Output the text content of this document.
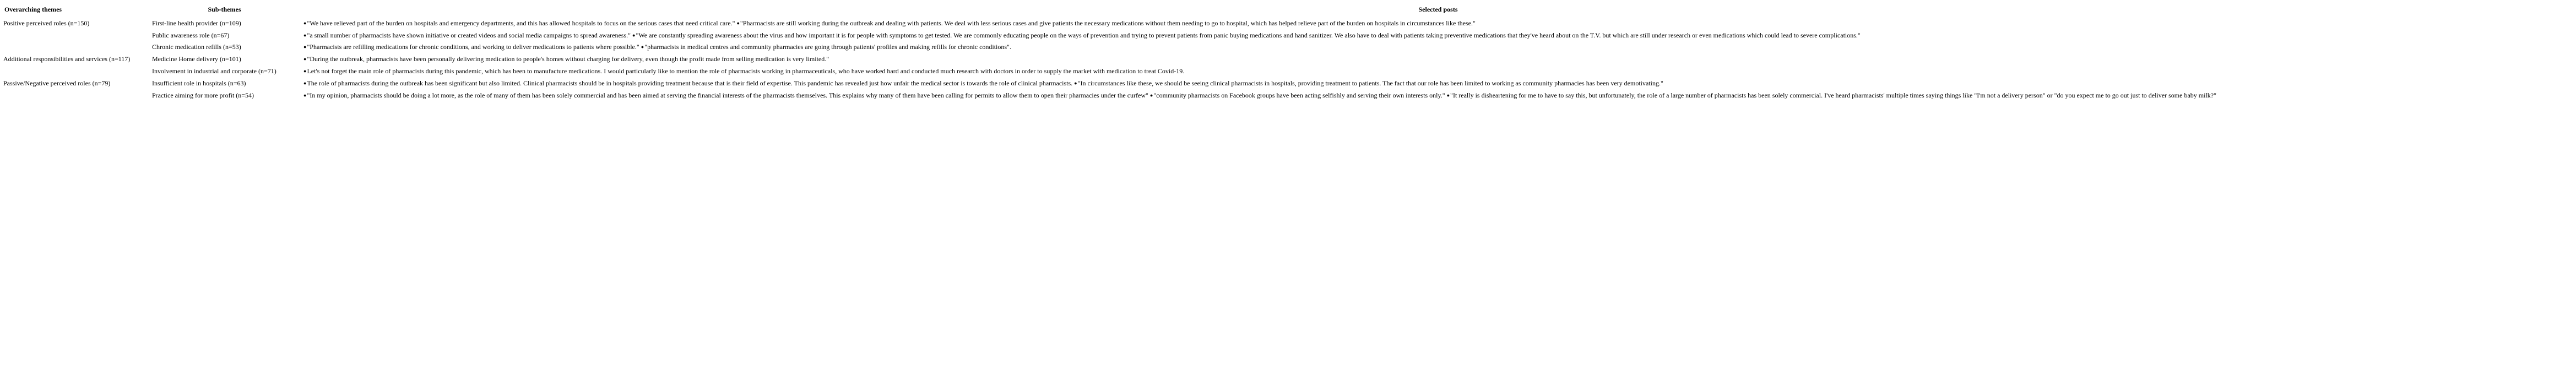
Overarching themes	Sub-themes	Selected posts
Positive perceived roles (n=150)	First-line health provider (n=109)	●"We have relieved part of the burden on hospitals and emergency departments, and this has allowed hospitals to focus on the serious cases that need critical care." ●"Pharmacists are still working during the outbreak and dealing with patients. We deal with less serious cases and give patients the necessary medications without them needing to go to hospital, which has helped relieve part of the burden on hospitals in circumstances like these."
	Public awareness role (n=67)	●"a small number of pharmacists have shown initiative or created videos and social media campaigns to spread awareness." ●"We are constantly spreading awareness about the virus and how important it is for people with symptoms to get tested. We are commonly educating people on the ways of prevention and trying to prevent patients from panic buying medications and hand sanitizer. We also have to deal with patients taking preventive medications that they've heard about on the T.V. but which are still under research or even medications which could lead to severe complications."
	Chronic medication refills (n=53)	●"Pharmacists are refilling medications for chronic conditions, and working to deliver medications to patients where possible." ●"pharmacists in medical centres and community pharmacies are going through patients' profiles and making refills for chronic conditions".
Additional responsibilities and services (n=117)	Medicine Home delivery (n=101)	●"During the outbreak, pharmacists have been personally delivering medication to people's homes without charging for delivery, even though the profit made from selling medication is very limited."
	Involvement in industrial and corporate (n=71)	●Let's not forget the main role of pharmacists during this pandemic, which has been to manufacture medications. I would particularly like to mention the role of pharmacists working in pharmaceuticals, who have worked hard and conducted much research with doctors in order to supply the market with medication to treat Covid-19.
Passive/Negative perceived roles (n=79)	Insufficient role in hospitals (n=63)	●The role of pharmacists during the outbreak has been significant but also limited. Clinical pharmacists should be in hospitals providing treatment because that is their field of expertise. This pandemic has revealed just how unfair the medical sector is towards the role of clinical pharmacists. ●"In circumstances like these, we should be seeing clinical pharmacists in hospitals, providing treatment to patients. The fact that our role has been limited to working as community pharmacies has been very demotivating."
	Practice aiming for more profit (n=54)	●"In my opinion, pharmacists should be doing a lot more, as the role of many of them has been solely commercial and has been aimed at serving the financial interests of the pharmacists themselves. This explains why many of them have been calling for permits to allow them to open their pharmacies under the curfew" ●"community pharmacists on Facebook groups have been acting selfishly and serving their own interests only." ●"It really is disheartening for me to have to say this, but unfortunately, the role of a large number of pharmacists has been solely commercial. I've heard pharmacists' multiple times saying things like "I'm not a delivery person" or "do you expect me to go out just to deliver some baby milk?"
